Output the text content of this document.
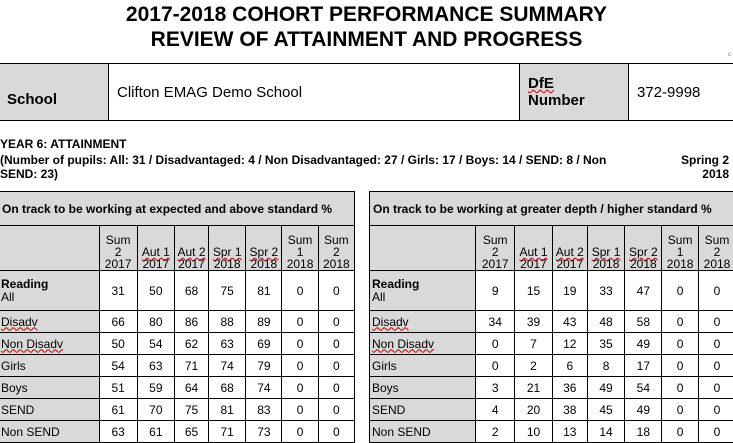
2017-2018 COHORT PERFORMANCE SUMMARY
REVIEW OF ATTAINMENT AND PROGRESS
c
School	Clifton EMAG Demo School	DfE
Number	372-9998
YEAR 6: ATTAINMENT
(Number of pupils: All: 31 / Disadvantaged: 4 / Non Disadvantaged: 27 / Girls: 17 / Boys: 14 / SEND: 8 / Non SEND: 23)
Spring 2
2018
On track to be working at expected and above standard %							
	Sum
2
2017	Aut 1
2017	Aut 2
2017	Spr 1
2018	Spr 2
2018	Sum
1
2018	Sum
2
2018
Reading
All	31	50	68	75	81	0	0
Disadv	66	80	86	88	89	0	0
Non Disadv	50	54	62	63	69	0	0
Girls	54	63	71	74	79	0	0
Boys	51	59	64	68	74	0	0
SEND	61	70	75	81	83	0	0
Non SEND	63	61	65	71	73	0	0
On track to be working at greater depth / higher standard %							
	Sum
2
2017	Aut 1
2017	Aut 2
2017	Spr 1
2018	Spr 2
2018	Sum
1
2018	Sum
2
2018
Reading
All	9	15	19	33	47	0	0
Disadv	34	39	43	48	58	0	0
Non Disadv	0	7	12	35	49	0	0
Girls	0	2	6	8	17	0	0
Boys	3	21	36	49	54	0	0
SEND	4	20	38	45	49	0	0
Non SEND	2	10	13	14	18	0	0
